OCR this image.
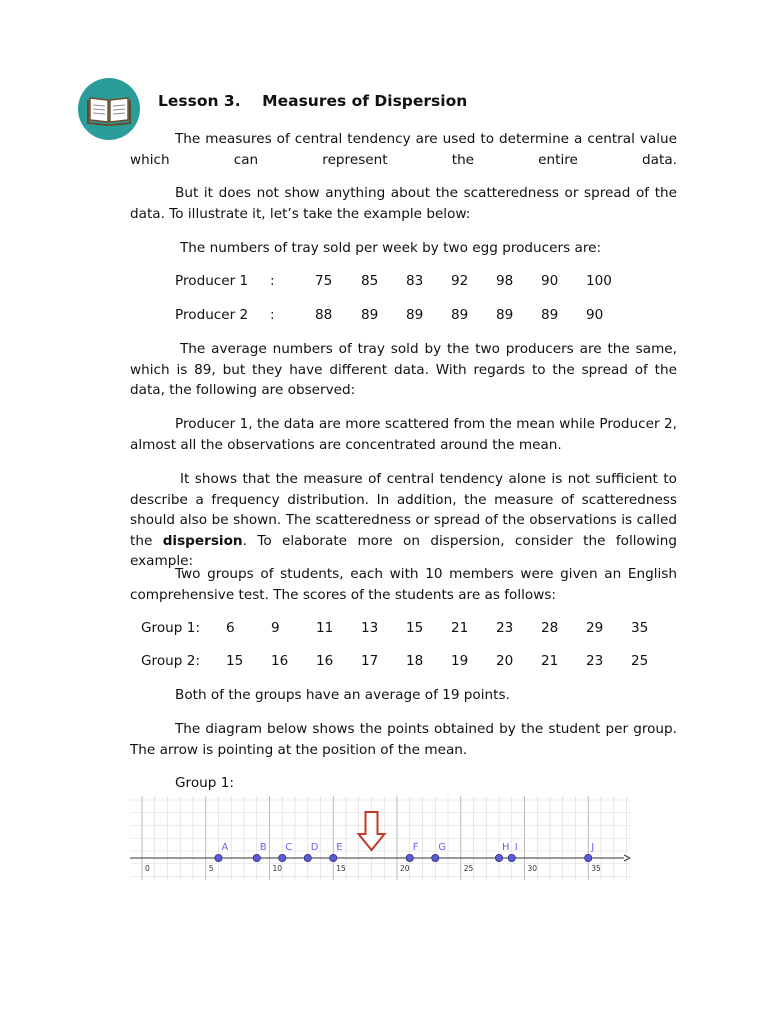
Lesson 3.    Measures of Dispersion

The measures of central tendency are used to determine a central value which can represent the entire data.

But it does not show anything about the scatteredness or spread of the data. To illustrate it, let’s take the example below:

The numbers of tray sold per week by two egg producers are:

Producer 1 :	75 85 83 92 98 90 100
Producer 2 :	88 89 89 89 89 89 90

The average numbers of tray sold by the two producers are the same, which is 89, but they have different data. With regards to the spread of the data, the following are observed:

Producer 1, the data are more scattered from the mean while Producer 2, almost all the observations are concentrated around the mean.

It shows that the measure of central tendency alone is not sufficient to describe a frequency distribution. In addition, the measure of scatteredness should also be shown. The scatteredness or spread of the observations is called the dispersion. To elaborate more on dispersion, consider the following example:

Two groups of students, each with 10 members were given an English comprehensive test. The scores of the students are as follows:

Group 1: 6	9	11 13 15 21 23 28 29 35
Group 2: 15 16 16 17 18 19 20 21 23 25

Both of the groups have an average of 19 points.

The diagram below shows the points obtained by the student per group. The arrow is pointing at the position of the mean.

Group 1:

0	5	10	15	20	25	30	35
A	B C D E	F G	H I	J
